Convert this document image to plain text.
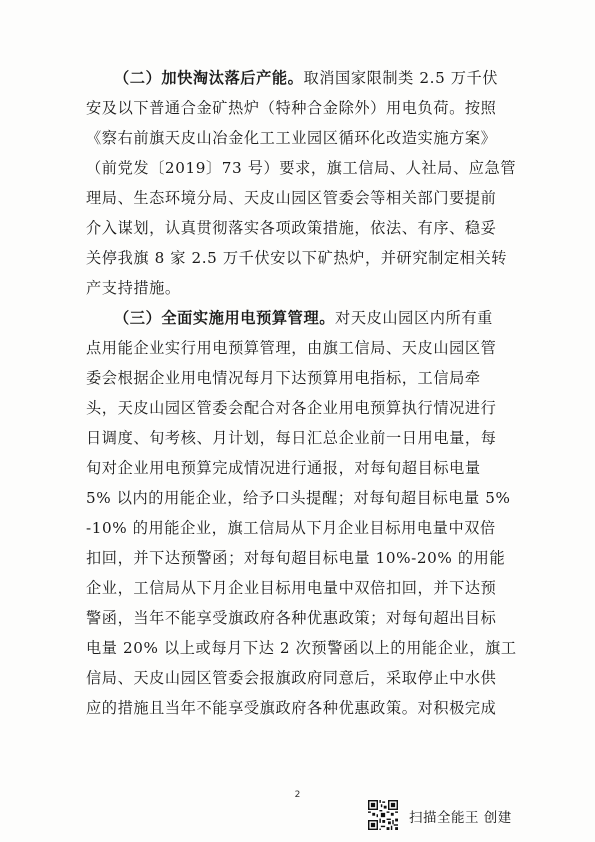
（二）加快淘汰落后产能。取消国家限制类 2.5 万千伏
安及以下普通合金矿热炉（特种合金除外）用电负荷。按照
《察右前旗天皮山冶金化工工业园区循环化改造实施方案》
（前党发〔2019〕73 号）要求，旗工信局、人社局、应急管
理局、生态环境分局、天皮山园区管委会等相关部门要提前
介入谋划，认真贯彻落实各项政策措施，依法、有序、稳妥
关停我旗 8 家 2.5 万千伏安以下矿热炉，并研究制定相关转
产支持措施。
（三）全面实施用电预算管理。对天皮山园区内所有重
点用能企业实行用电预算管理，由旗工信局、天皮山园区管
委会根据企业用电情况每月下达预算用电指标，工信局牵
头，天皮山园区管委会配合对各企业用电预算执行情况进行
日调度、旬考核、月计划，每日汇总企业前一日用电量，每
旬对企业用电预算完成情况进行通报，对每旬超目标电量
5% 以内的用能企业，给予口头提醒；对每旬超目标电量 5%
-10% 的用能企业，旗工信局从下月企业目标用电量中双倍
扣回，并下达预警函；对每旬超目标电量 10%-20% 的用能
企业，工信局从下月企业目标用电量中双倍扣回，并下达预
警函，当年不能享受旗政府各种优惠政策；对每旬超出目标
电量 20% 以上或每月下达 2 次预警函以上的用能企业，旗工
信局、天皮山园区管委会报旗政府同意后，采取停止中水供
应的措施且当年不能享受旗政府各种优惠政策。对积极完成
2
扫描全能王 创建
